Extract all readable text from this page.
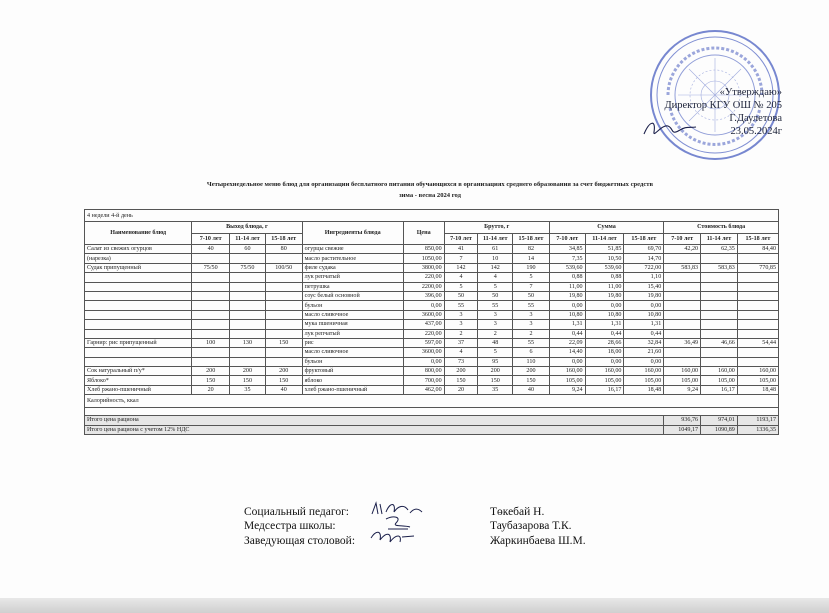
«Утверждаю»
Директор КГУ ОШ № 205
Г.Даулетова
23.05.2024г
Четырехнедельное меню блюд для организации бесплатного питания обучающихся в организациях среднего образования за счет бюджетных средств
зима - весна 2024 год
4 недели 4-й день														
Наименование блюд	Выход блюда, г			Ингредиенты блюда	Цена	Брутто, г			Сумма			Стоимость блюда		
	7-10 лет	11-14 лет	15-18 лет			7-10 лет	11-14 лет	15-18 лет	7-10 лет	11-14 лет	15-18 лет	7-10 лет	11-14 лет	15-18 лет
Салат из свежих огурцов	40	60	80	огурцы свежие	850,00	41	61	82	34,85	51,85	69,70	42,20	62,35	84,40
(нарезка)				масло растительное	1050,00	7	10	14	7,35	10,50	14,70			
Судак припущенный	75/50	75/50	100/50	филе судака	3800,00	142	142	190	539,60	539,60	722,00	583,83	583,83	770,85
				лук репчатый	220,00	4	4	5	0,88	0,88	1,10			
				петрушка	2200,00	5	5	7	11,00	11,00	15,40			
				соус белый основной	396,00	50	50	50	19,80	19,80	19,80			
				бульон	0,00	55	55	55	0,00	0,00	0,00			
				масло сливочное	3600,00	3	3	3	10,80	10,80	10,80			
				мука пшеничная	437,00	3	3	3	1,31	1,31	1,31			
				лук репчатый	220,00	2	2	2	0,44	0,44	0,44			
Гарнир: рис припущенный	100	130	150	рис	597,00	37	48	55	22,09	28,66	32,84	36,49	46,66	54,44
				масло сливочное	3600,00	4	5	6	14,40	18,00	21,60			
				бульон	0,00	73	95	110	0,00	0,00	0,00			
Сок натуральный п/у*	200	200	200	фруктовый	800,00	200	200	200	160,00	160,00	160,00	160,00	160,00	160,00
Яблоко*	150	150	150	яблоко	700,00	150	150	150	105,00	105,00	105,00	105,00	105,00	105,00
Хлеб ржано-пшеничный	20	35	40	хлеб ржано-пшеничный	462,00	20	35	40	9,24	16,17	18,48	9,24	16,17	18,48
Калорийность, ккал														

Итого цена рациона												936,76	974,01	1193,17
Итого цена рациона с учетом 12% НДС												1049,17	1090,89	1336,35
Социальный педагог:	Төкебай Н.
Медсестра школы:	Таубазарова Т.К.
Заведующая столовой:	Жаркинбаева Ш.М.
